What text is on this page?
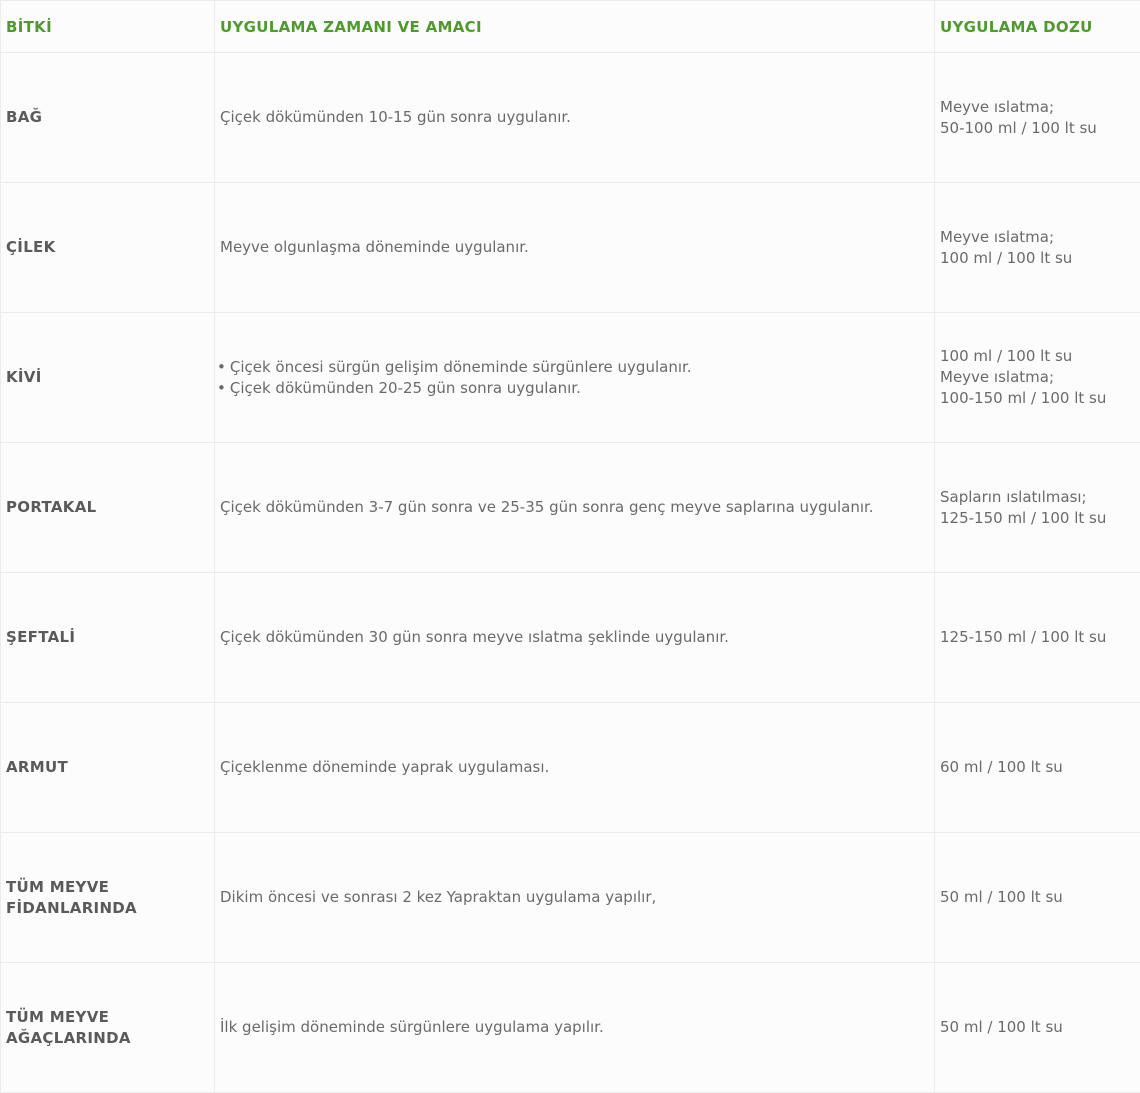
BİTKİ	UYGULAMA ZAMANI VE AMACI	UYGULAMA DOZU

BAĞ	Çiçek dökümünden 10-15 gün sonra uygulanır.	Meyve ıslatma;
50-100 ml / 100 lt su

ÇİLEK	Meyve olgunlaşma döneminde uygulanır.	Meyve ıslatma;
100 ml / 100 lt su

KİVİ	• Çiçek öncesi sürgün gelişim döneminde sürgünlere uygulanır.
• Çiçek dökümünden 20-25 gün sonra uygulanır.	100 ml / 100 lt su
Meyve ıslatma;
100-150 ml / 100 lt su

PORTAKAL	Çiçek dökümünden 3-7 gün sonra ve 25-35 gün sonra genç meyve saplarına uygulanır.	Sapların ıslatılması;
125-150 ml / 100 lt su

ŞEFTALİ	Çiçek dökümünden 30 gün sonra meyve ıslatma şeklinde uygulanır.	125-150 ml / 100 lt su

ARMUT	Çiçeklenme döneminde yaprak uygulaması.	60 ml / 100 lt su

TÜM MEYVE
FİDANLARINDA	Dikim öncesi ve sonrası 2 kez Yapraktan uygulama yapılır,	50 ml / 100 lt su

TÜM MEYVE
AĞAÇLARINDA	İlk gelişim döneminde sürgünlere uygulama yapılır.	50 ml / 100 lt su
